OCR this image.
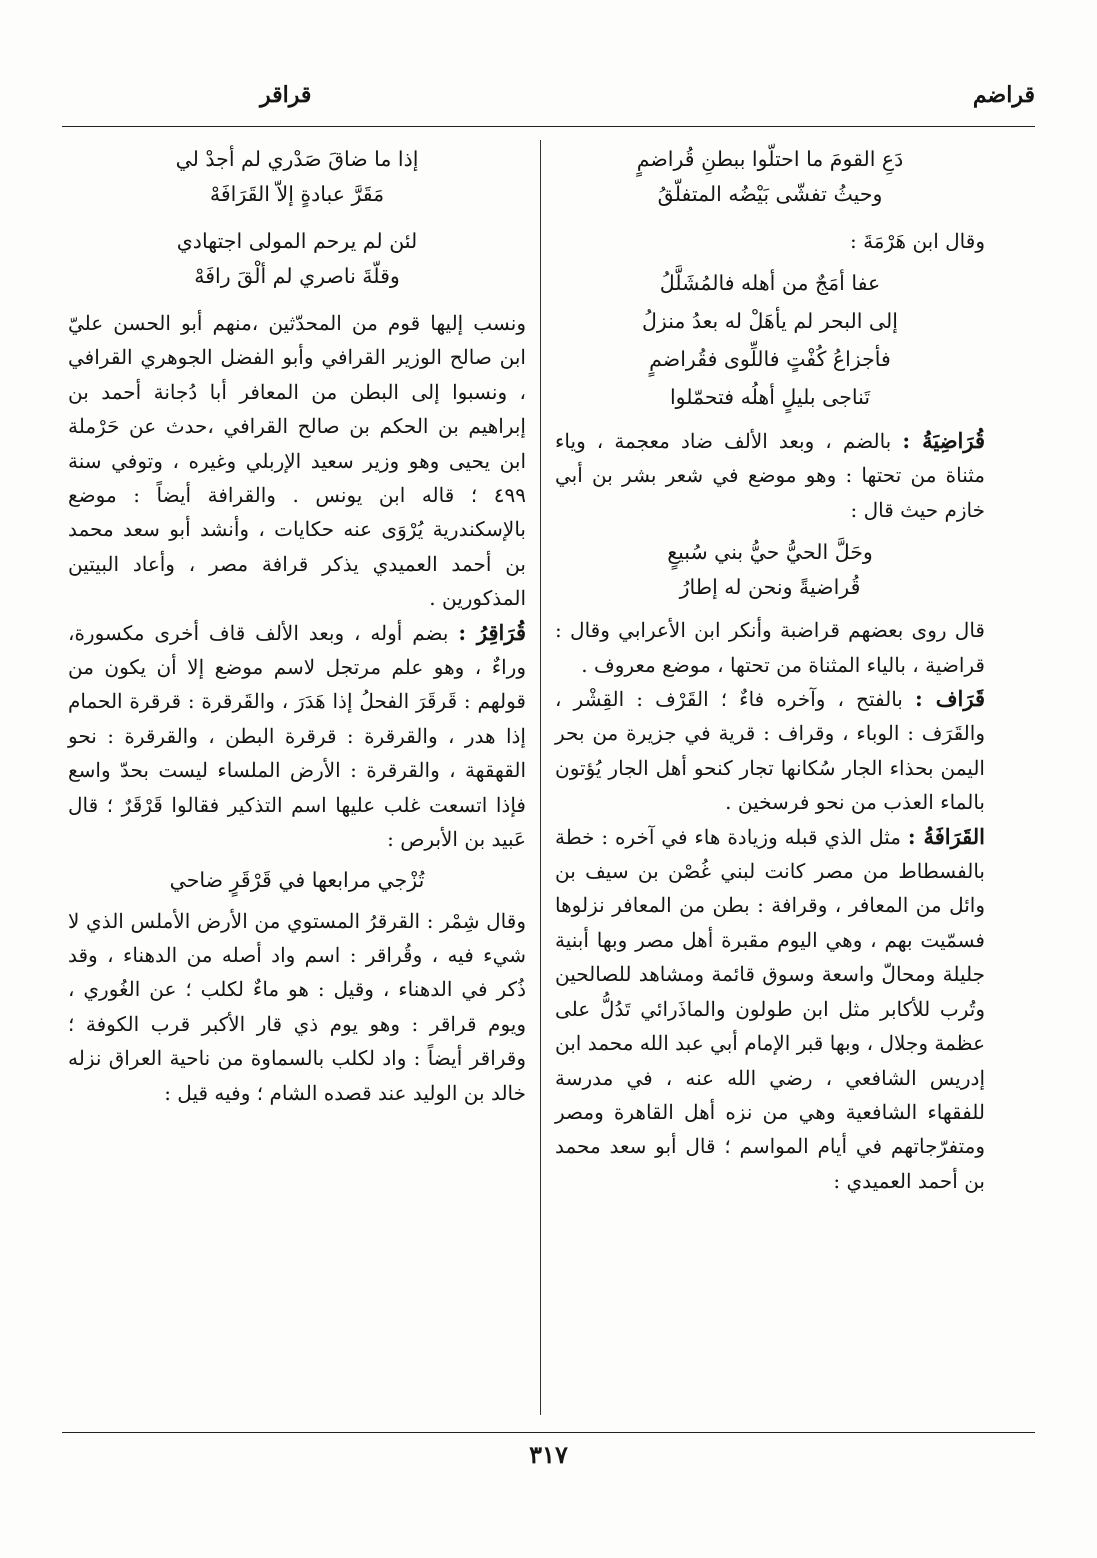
قراضم
قراقر
دَعِ القومَ ما احتلّوا ببطنِ قُراضمٍ
وحيثُ تفشّى بَيْضُه المتفلّقُ

وقال ابن هَرْمَةَ :

عفا أمَجٌ من أهله فالمُشَلَّلُ
إلى البحر لم يأهَلْ له بعدُ منزلُ
فأجزاعُ كُفْتٍ فاللِّوى فقُراضمٍ
تَناجى بليلٍ أهلُه فتحمّلوا

قُرَاضِيَةُ : بالضم ، وبعد الألف ضاد معجمة ، وياء مثناة من تحتها : وهو موضع في شعر بشر بن أبي خازم حيث قال :

وحَلَّ الحيُّ حيُّ بني سُبيعٍ
قُراضيةً ونحن له إطارُ

قال روى بعضهم قراضبة وأنكر ابن الأعرابي وقال : قراضية ، بالياء المثناة من تحتها ، موضع معروف .

قَرَاف : بالفتح ، وآخره فاءٌ ؛ القَرْف : القِشْر ، والقَرَف : الوباء ، وقراف : قرية في جزيرة من بحر اليمن بحذاء الجار سُكانها تجار كنحو أهل الجار يُؤتون بالماء العذب من نحو فرسخين .

القَرَافَةُ : مثل الذي قبله وزيادة هاء في آخره : خطة بالفسطاط من مصر كانت لبني غُصْن بن سيف بن وائل من المعافر ، وقرافة : بطن من المعافر نزلوها فسمّيت بهم ، وهي اليوم مقبرة أهل مصر وبها أبنية جليلة ومحالّ واسعة وسوق قائمة ومشاهد للصالحين وتُرب للأكابر مثل ابن طولون والماذَرائي تَدُلُّ على عظمة وجلال ، وبها قبر الإمام أبي عبد الله محمد ابن إدريس الشافعي ، رضي الله عنه ، في مدرسة للفقهاء الشافعية وهي من نزه أهل القاهرة ومصر ومتفرّجاتهم في أيام المواسم ؛ قال أبو سعد محمد بن أحمد العميدي :

إذا ما ضاقَ صَدْري لم أجدْ لي
مَقَرَّ عبادةٍ إلاّ القَرَافَهْ
لئن لم يرحم المولى اجتهادي
وقلّةَ ناصري لم ألْقَ رافَهْ

ونسب إليها قوم من المحدّثين ،منهم أبو الحسن عليّ ابن صالح الوزير القرافي وأبو الفضل الجوهري القرافي ، ونسبوا إلى البطن من المعافر أبا دُجانة أحمد بن إبراهيم بن الحكم بن صالح القرافي ،حدث عن حَرْملة ابن يحيى وهو وزير سعيد الإربلي وغيره ، وتوفي سنة ٤٩٩ ؛ قاله ابن يونس . والقرافة أيضاً : موضع بالإسكندرية يُرْوَى عنه حكايات ، وأنشد أبو سعد محمد بن أحمد العميدي يذكر قرافة مصر ، وأعاد البيتين المذكورين .

قُرَاقِرُ : بضم أوله ، وبعد الألف قاف أخرى مكسورة، وراءٌ ، وهو علم مرتجل لاسم موضع إلا أن يكون من قولهم : قَرقَرَ الفحلُ إذا هَدَرَ ، والقَرقرة : قرقرة الحمام إذا هدر ، والقرقرة : قرقرة البطن ، والقرقرة : نحو القهقهة ، والقرقرة : الأرض الملساء ليست بحدّ واسع فإذا اتسعت غلب عليها اسم التذكير فقالوا قَرْقَرٌ ؛ قال عَبيد بن الأبرص :

تُزْجي مرابعها في قَرْقَرٍ ضاحي

وقال شِمْر : القرقرُ المستوي من الأرض الأملس الذي لا شيء فيه ، وقُراقر : اسم واد أصله من الدهناء ، وقد ذُكر في الدهناء ، وقيل : هو ماءٌ لكلب ؛ عن الغُوري ، ويوم قراقر : وهو يوم ذي قار الأكبر قرب الكوفة ؛ وقراقر أيضاً : واد لكلب بالسماوة من ناحية العراق نزله خالد بن الوليد عند قصده الشام ؛ وفيه قيل :

٣١٧
